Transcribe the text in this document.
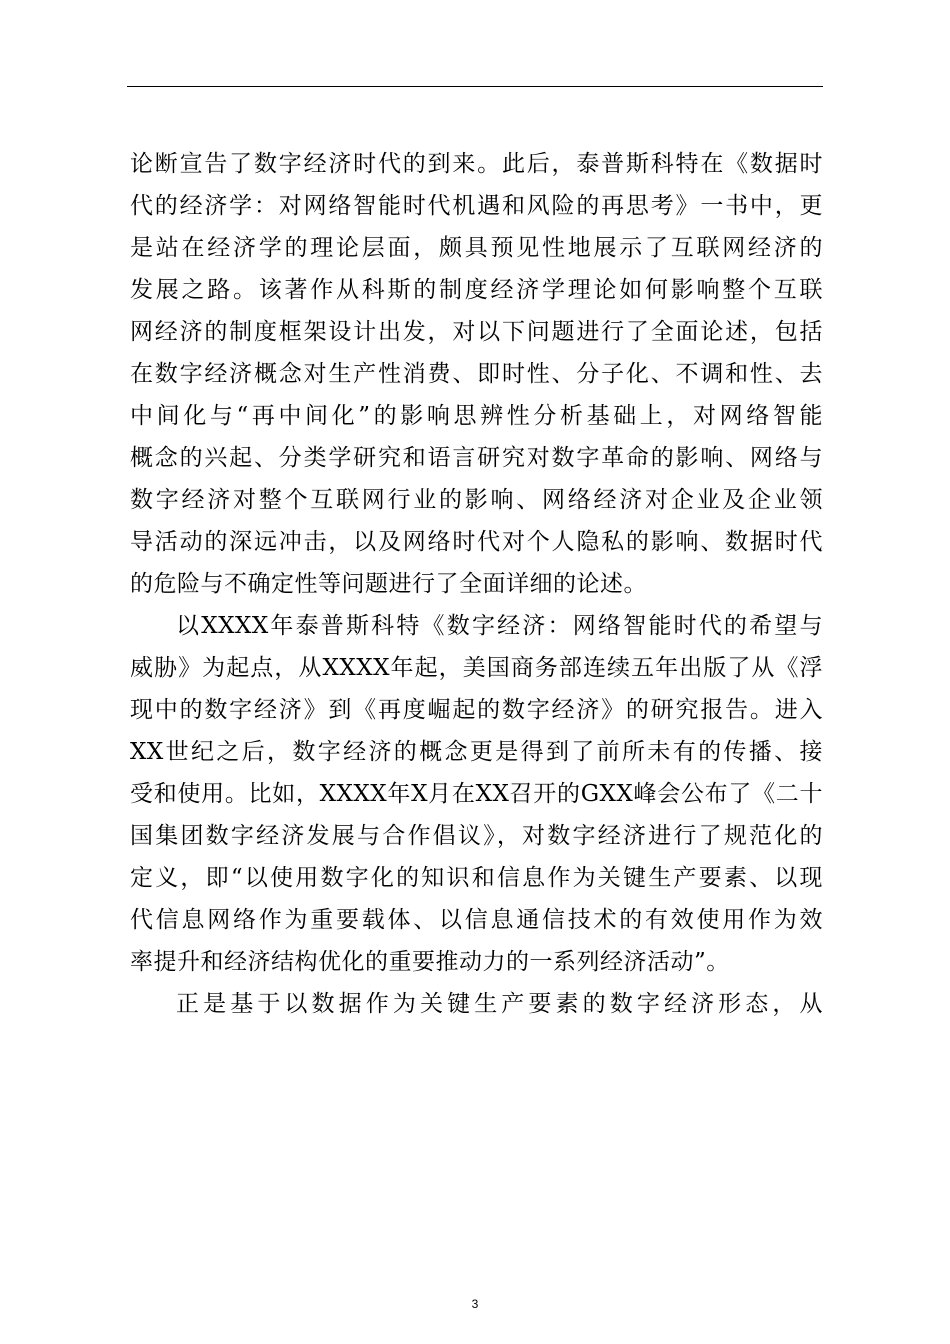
论断宣告了数字经济时代的到来。此后，泰普斯科特在《数据时
代的经济学：对网络智能时代机遇和风险的再思考》一书中，更
是站在经济学的理论层面，颇具预见性地展示了互联网经济的
发展之路。该著作从科斯的制度经济学理论如何影响整个互联
网经济的制度框架设计出发，对以下问题进行了全面论述，包括
在数字经济概念对生产性消费、即时性、分子化、不调和性、去
中间化与“再中间化”的影响思辨性分析基础上，对网络智能
概念的兴起、分类学研究和语言研究对数字革命的影响、网络与
数字经济对整个互联网行业的影响、网络经济对企业及企业领
导活动的深远冲击，以及网络时代对个人隐私的影响、数据时代
的危险与不确定性等问题进行了全面详细的论述。
以XXXX年泰普斯科特《数字经济：网络智能时代的希望与
威胁》为起点，从XXXX年起，美国商务部连续五年出版了从《浮
现中的数字经济》到《再度崛起的数字经济》的研究报告。进入
XX世纪之后，数字经济的概念更是得到了前所未有的传播、接
受和使用。比如，XXXX年X月在XX召开的GXX峰会公布了《二十
国集团数字经济发展与合作倡议》，对数字经济进行了规范化的
定义，即“以使用数字化的知识和信息作为关键生产要素、以现
代信息网络作为重要载体、以信息通信技术的有效使用作为效
率提升和经济结构优化的重要推动力的一系列经济活动”。
正是基于以数据作为关键生产要素的数字经济形态，从
3
